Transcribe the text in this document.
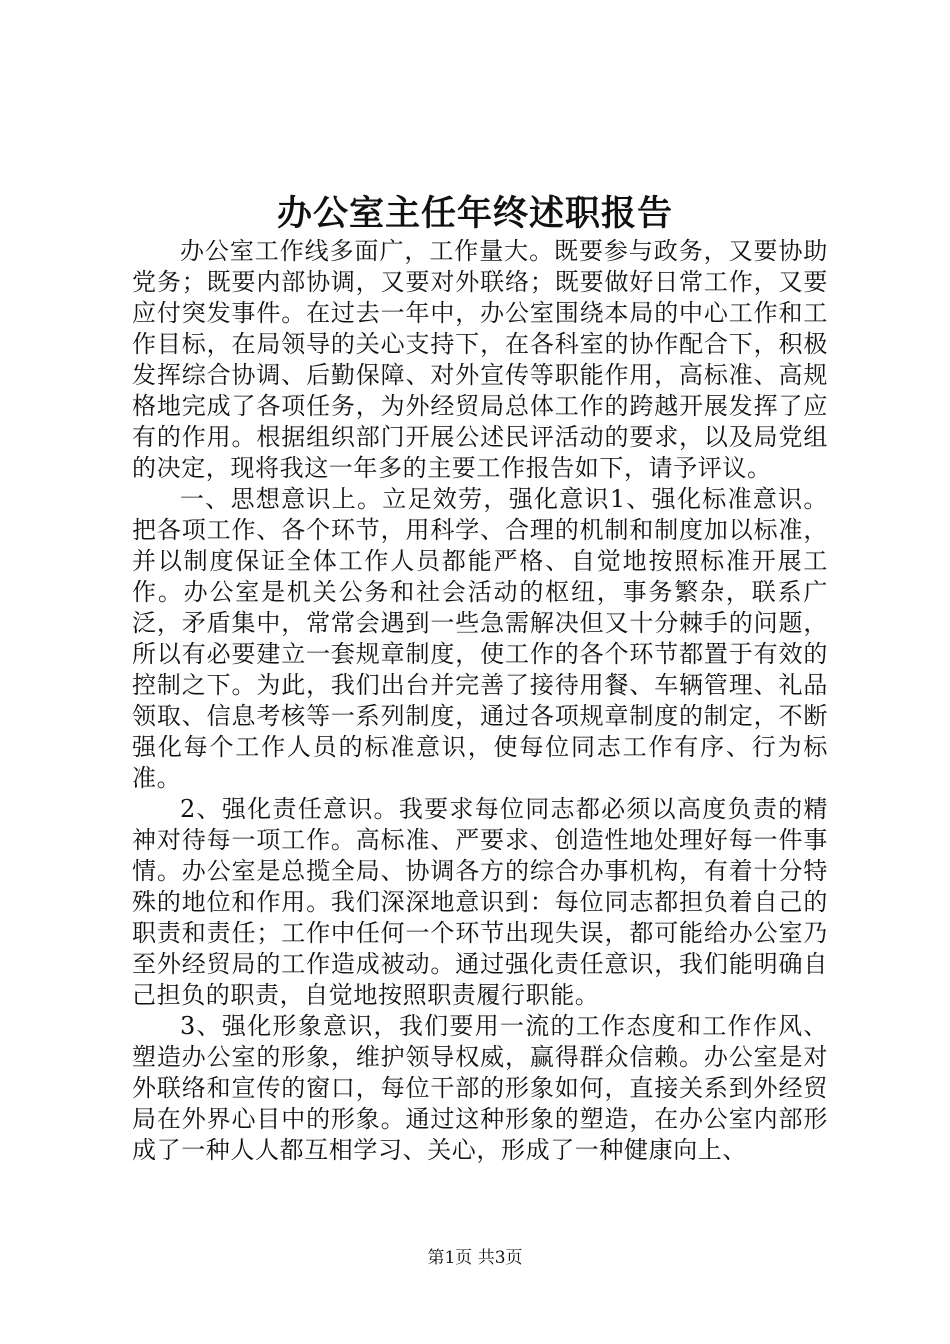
办公室主任年终述职报告

办公室工作线多面广，工作量大。既要参与政务，又要协助党务；既要内部协调，又要对外联络；既要做好日常工作，又要应付突发事件。在过去一年中，办公室围绕本局的中心工作和工作目标，在局领导的关心支持下，在各科室的协作配合下，积极发挥综合协调、后勤保障、对外宣传等职能作用，高标准、高规格地完成了各项任务，为外经贸局总体工作的跨越开展发挥了应有的作用。根据组织部门开展公述民评活动的要求，以及局党组的决定，现将我这一年多的主要工作报告如下，请予评议。

一、思想意识上。立足效劳，强化意识1、强化标准意识。把各项工作、各个环节，用科学、合理的机制和制度加以标准，并以制度保证全体工作人员都能严格、自觉地按照标准开展工作。办公室是机关公务和社会活动的枢纽，事务繁杂，联系广泛，矛盾集中，常常会遇到一些急需解决但又十分棘手的问题，所以有必要建立一套规章制度，使工作的各个环节都置于有效的控制之下。为此，我们出台并完善了接待用餐、车辆管理、礼品领取、信息考核等一系列制度，通过各项规章制度的制定，不断强化每个工作人员的标准意识，使每位同志工作有序、行为标准。

2、强化责任意识。我要求每位同志都必须以高度负责的精神对待每一项工作。高标准、严要求、创造性地处理好每一件事情。办公室是总揽全局、协调各方的综合办事机构，有着十分特殊的地位和作用。我们深深地意识到：每位同志都担负着自己的职责和责任；工作中任何一个环节出现失误，都可能给办公室乃至外经贸局的工作造成被动。通过强化责任意识，我们能明确自己担负的职责，自觉地按照职责履行职能。

3、强化形象意识，我们要用一流的工作态度和工作作风、塑造办公室的形象，维护领导权威，赢得群众信赖。办公室是对外联络和宣传的窗口，每位干部的形象如何，直接关系到外经贸局在外界心目中的形象。通过这种形象的塑造，在办公室内部形成了一种人人都互相学习、关心，形成了一种健康向上、

第1页 共3页
